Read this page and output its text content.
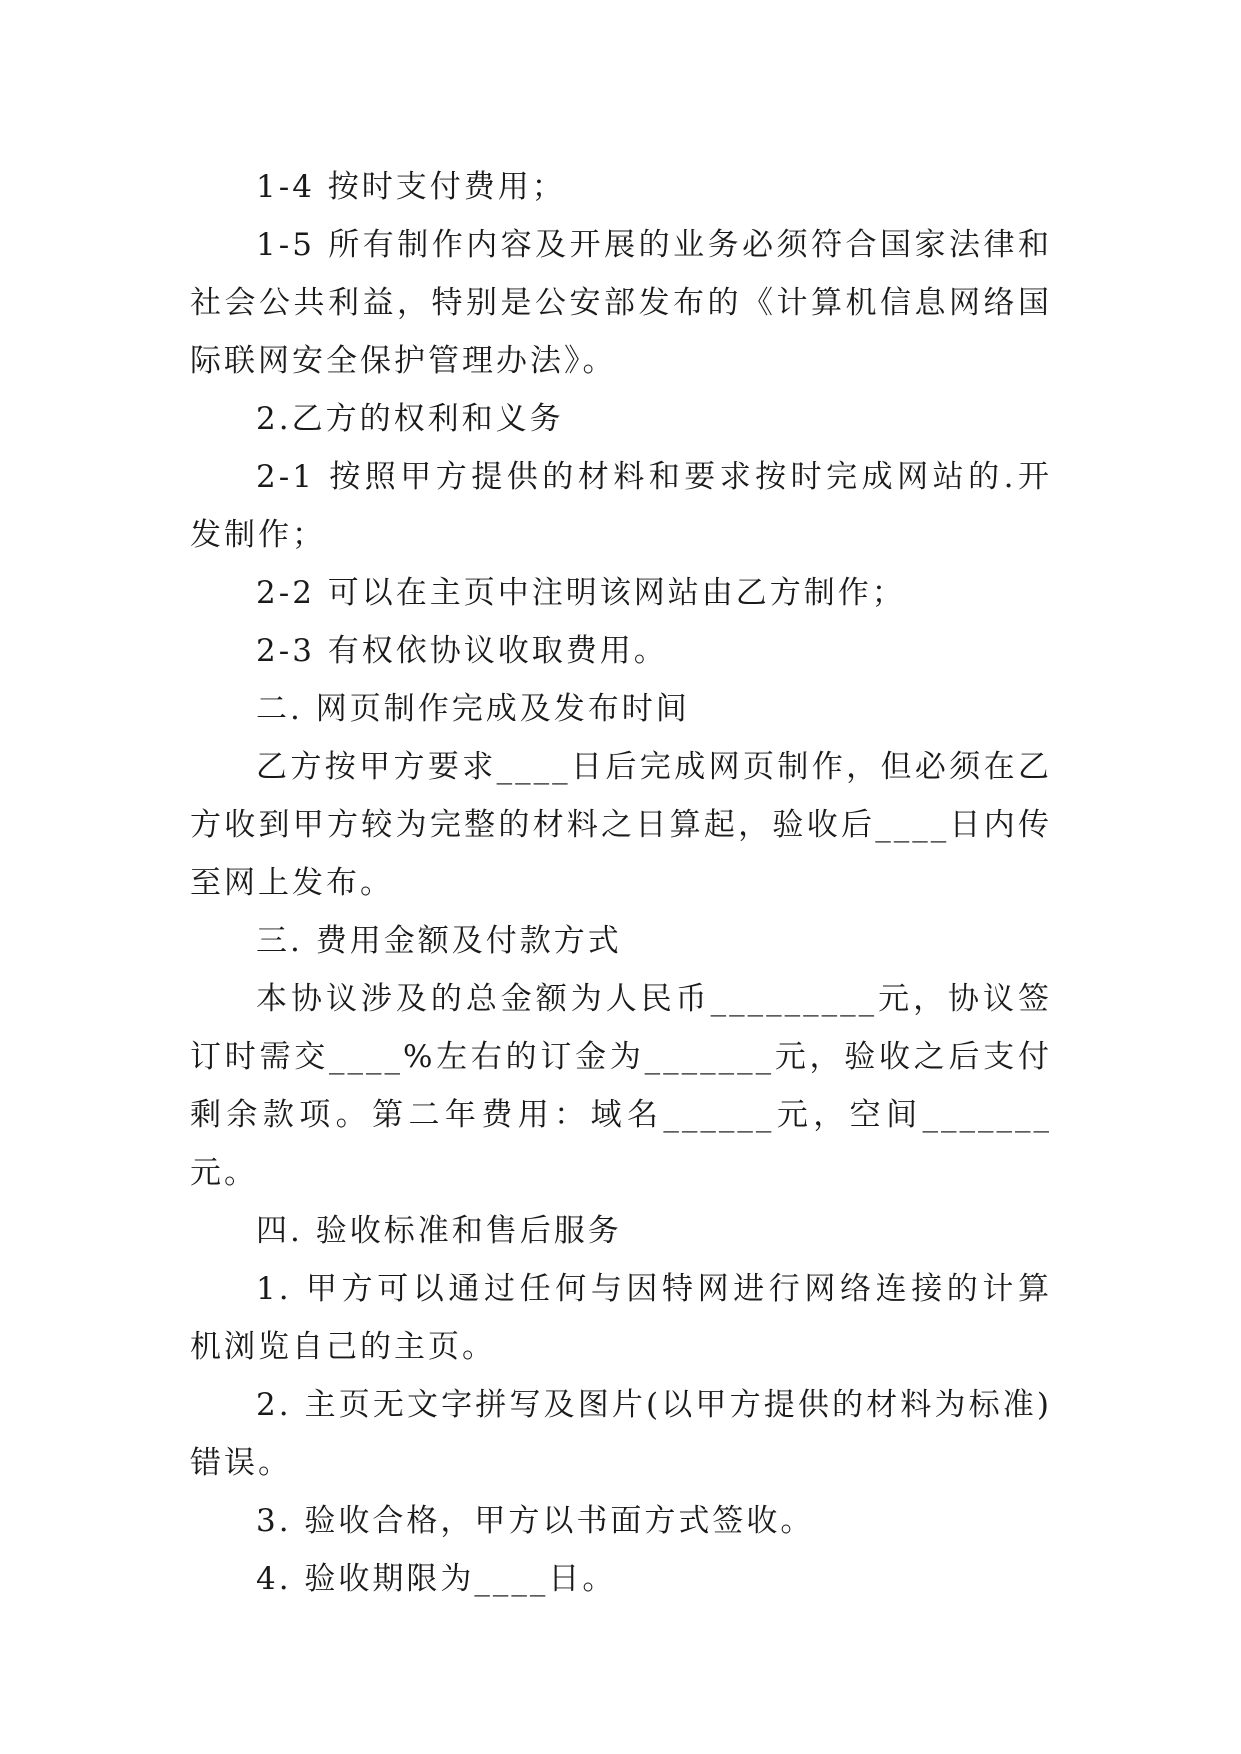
1-4 按时支付费用；

1-5 所有制作内容及开展的业务必须符合国家法律和社会公共利益，特别是公安部发布的《计算机信息网络国际联网安全保护管理办法》。

2.乙方的权利和义务

2-1 按照甲方提供的材料和要求按时完成网站的.开发制作；

2-2 可以在主页中注明该网站由乙方制作；

2-3 有权依协议收取费用。

二. 网页制作完成及发布时间

乙方按甲方要求____日后完成网页制作，但必须在乙方收到甲方较为完整的材料之日算起，验收后____日内传至网上发布。

三. 费用金额及付款方式

本协议涉及的总金额为人民币_________元，协议签订时需交____%左右的订金为_______元，验收之后支付剩余款项。第二年费用：域名______元，空间_______元。

四. 验收标准和售后服务

1. 甲方可以通过任何与因特网进行网络连接的计算机浏览自己的主页。

2. 主页无文字拼写及图片(以甲方提供的材料为标准)错误。

3. 验收合格，甲方以书面方式签收。

4. 验收期限为____日。
